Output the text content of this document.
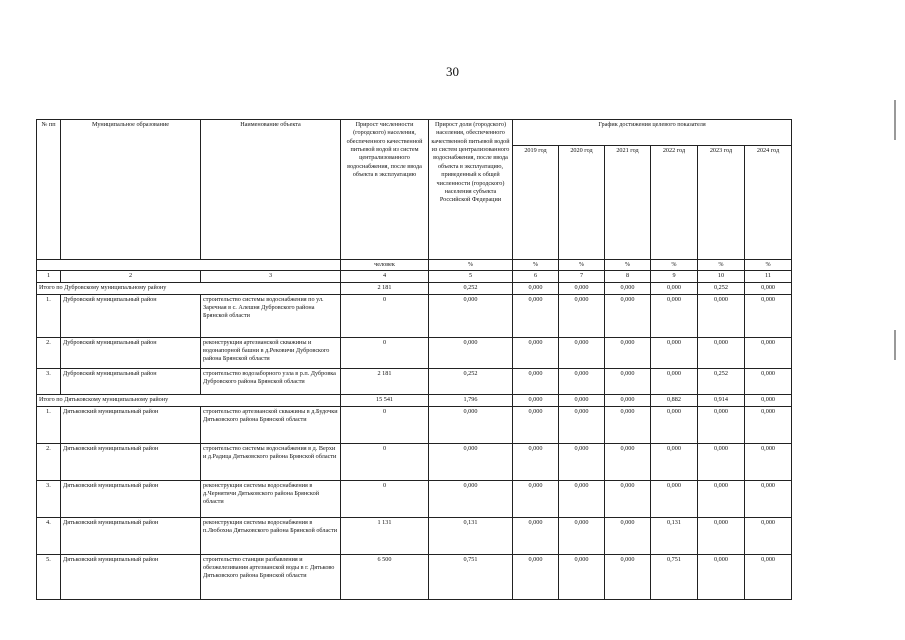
30
№ пп	Муниципальное образование	Наименование объекта	Прирост численности (городского) населения, обеспеченного качественной питьевой водой из систем централизованного водоснабжения, после ввода объекта в эксплуатацию	Прирост доли (городского) населения, обеспеченного качественной питьевой водой из систем централизованного водоснабжения, после ввода объекта в эксплуатацию, приведенный к общей численности (городского) населения субъекта Российской Федерации	График достижения целевого показателя					
					2019 год	2020 год	2021 год	2022 год	2023 год	2024 год
			человек	%	%	%	%	%	%	%
1	2	3	4	5	6	7	8	9	10	11
Итого по Дубровскому муниципальному району			2 181	0,252	0,000	0,000	0,000	0,000	0,252	0,000
1.	Дубровский муниципальный район	строительство системы водоснабжения по ул. Заречная в с. Алешня Дубровского района Брянской области	0	0,000	0,000	0,000	0,000	0,000	0,000	0,000
2.	Дубровский муниципальный район	реконструкция артезианской скважины и водонапорной башни в д.Рековичи Дубровского района Брянской области	0	0,000	0,000	0,000	0,000	0,000	0,000	0,000
3.	Дубровский муниципальный район	строительство водозаборного узла в р.п. Дубровка Дубровского района Брянской области	2 181	0,252	0,000	0,000	0,000	0,000	0,252	0,000
Итого по Дятьковскому муниципальному району			15 541	1,796	0,000	0,000	0,000	0,882	0,914	0,000
1.	Дятьковский муниципальный район	строительство артезианской скважины в д.Будочки Дятьковского района Брянской области	0	0,000	0,000	0,000	0,000	0,000	0,000	0,000
2.	Дятьковский муниципальный район	строительство системы водоснабжения в д. Верхи и д.Радица Дятьковского района Брянской области	0	0,000	0,000	0,000	0,000	0,000	0,000	0,000
3.	Дятьковский муниципальный район	реконструкция системы водоснабжения в д.Чернятичи Дятьковского района Брянской области	0	0,000	0,000	0,000	0,000	0,000	0,000	0,000
4.	Дятьковский муниципальный район	реконструкция системы водоснабжения в п.Любохна Дятьковского района Брянской области	1 131	0,131	0,000	0,000	0,000	0,131	0,000	0,000
5.	Дятьковский муниципальный район	строительство станции разбавления и обезжелезивания артезианской воды в г. Дятьково Дятьковского района Брянской области	6 500	0,751	0,000	0,000	0,000	0,751	0,000	0,000
